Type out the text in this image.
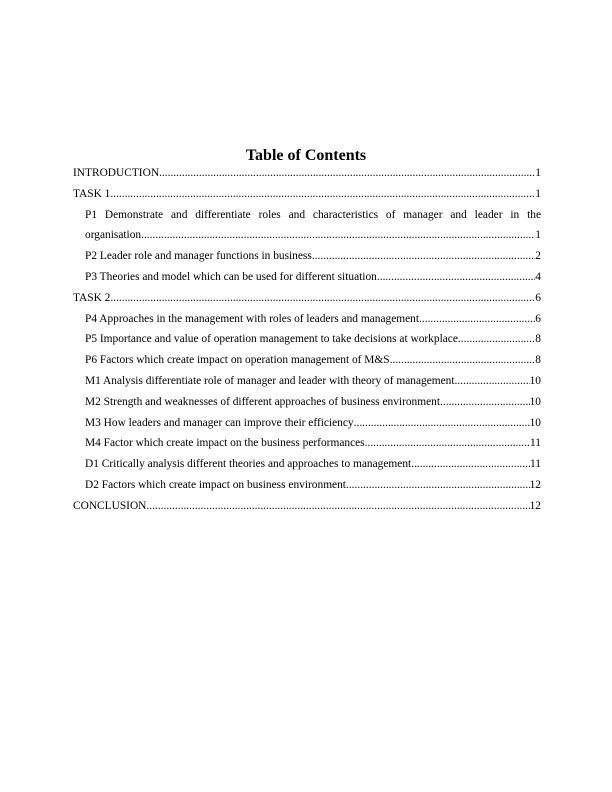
Table of Contents
INTRODUCTION .....	1
TASK 1 .....	1
P1 Demonstrate and differentiate roles and characteristics of manager and leader in the
organisation .....	1
P2 Leader role and manager functions in business .....	2
P3 Theories and model which can be used for different situation .....	4
TASK 2 .....	6
P4 Approaches in the management with roles of leaders and management .....	6
P5 Importance and value of operation management to take decisions at workplace .....	8
P6 Factors which create impact on operation management of M&S .....	8
M1 Analysis differentiate role of manager and leader with theory of management .....	10
M2 Strength and weaknesses of different approaches of business environment .....	10
M3 How leaders and manager can improve their efficiency .....	10
M4 Factor which create impact on the business performances .....	11
D1 Critically analysis different theories and approaches to management .....	11
D2 Factors which create impact on business environment .....	12
CONCLUSION .....	12
